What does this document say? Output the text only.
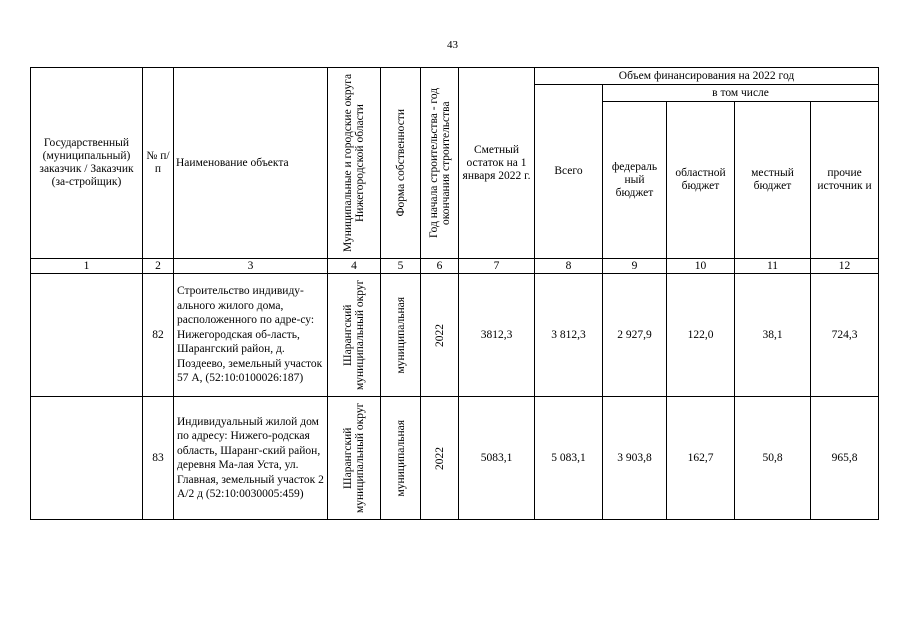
43
Государственный (муниципальный) заказчик / Заказчик (за-стройщик)	№ п/п	Наименование объекта	Муниципальные и городские округа Нижегородской области	Форма собственности	Год начала строительства - год окончания строительства	Сметный остаток на 1 января 2022 г.	Объем финансирования на 2022 год				
							Всего	в том числе			
								федераль ный бюджет	областной бюджет	местный бюджет	прочие источник и
1	2	3	4	5	6	7	8	9	10	11	12
	82	Строительство индивиду-ального жилого дома, расположенного по адре-су: Нижегородская об-ласть, Шарангский район, д. Поздеево, земельный участок 57 А, (52:10:0100026:187)	Шарангский муниципальный округ	муниципальная	2022	3812,3	3 812,3	2 927,9	122,0	38,1	724,3
	83	Индивидуальный жилой дом по адресу: Нижего-родская область, Шаранг-ский район, деревня Ма-лая Уста, ул. Главная, земельный участок 2 А/2 д (52:10:0030005:459)	Шарангский муниципальный округ	муниципальная	2022	5083,1	5 083,1	3 903,8	162,7	50,8	965,8
